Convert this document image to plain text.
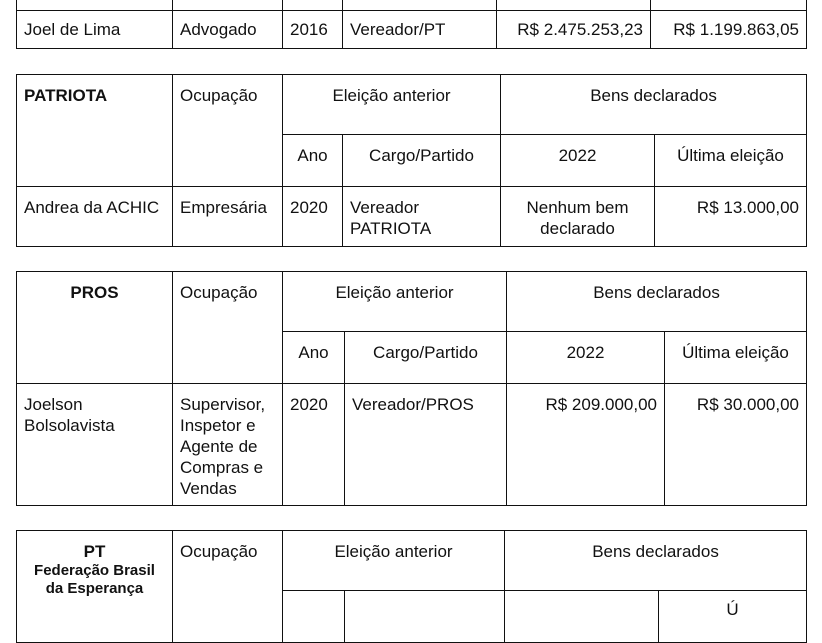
Joel de Lima	Advogado	2016	Vereador/PT	R$ 2.475.253,23	R$ 1.199.863,05
PATRIOTA	Ocupação	Eleição anterior		Bens declarados	
		Ano	Cargo/Partido	2022	Última eleição
Andrea da ACHIC	Empresária	2020	Vereador PATRIOTA	Nenhum bem declarado	R$ 13.000,00
PROS	Ocupação	Eleição anterior		Bens declarados	
		Ano	Cargo/Partido	2022	Última eleição
Joelson Bolsolavista	Supervisor, Inspetor e Agente de Compras e Vendas	2020	Vereador/PROS	R$ 209.000,00	R$ 30.000,00
PT
Federação Brasil da Esperança	Ocupação	Eleição anterior		Bens declarados	
					Ú
